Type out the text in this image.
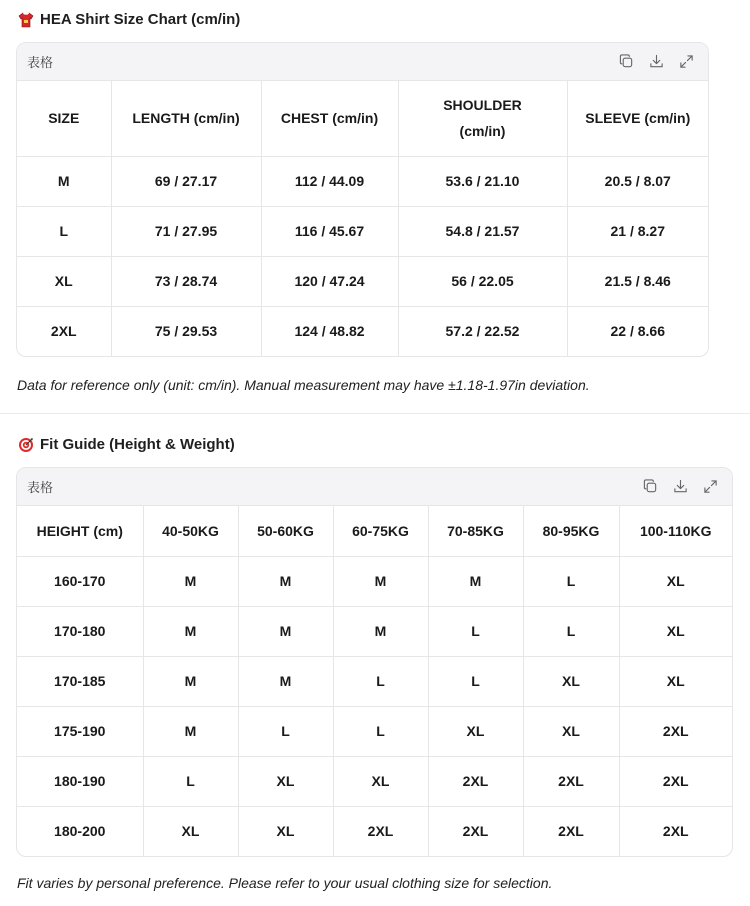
HEA Shirt Size Chart (cm/in)
表格
SIZE	LENGTH (cm/in)	CHEST (cm/in)	SHOULDER (cm/in)	SLEEVE (cm/in)
M	69 / 27.17	112 / 44.09	53.6 / 21.10	20.5 / 8.07
L	71 / 27.95	116 / 45.67	54.8 / 21.57	21 / 8.27
XL	73 / 28.74	120 / 47.24	56 / 22.05	21.5 / 8.46
2XL	75 / 29.53	124 / 48.82	57.2 / 22.52	22 / 8.66
Data for reference only (unit: cm/in). Manual measurement may have ±1.18-1.97in deviation.
Fit Guide (Height & Weight)
表格
HEIGHT (cm)	40-50KG	50-60KG	60-75KG	70-85KG	80-95KG	100-110KG
160-170	M	M	M	M	L	XL
170-180	M	M	M	L	L	XL
170-185	M	M	L	L	XL	XL
175-190	M	L	L	XL	XL	2XL
180-190	L	XL	XL	2XL	2XL	2XL
180-200	XL	XL	2XL	2XL	2XL	2XL
Fit varies by personal preference. Please refer to your usual clothing size for selection.
